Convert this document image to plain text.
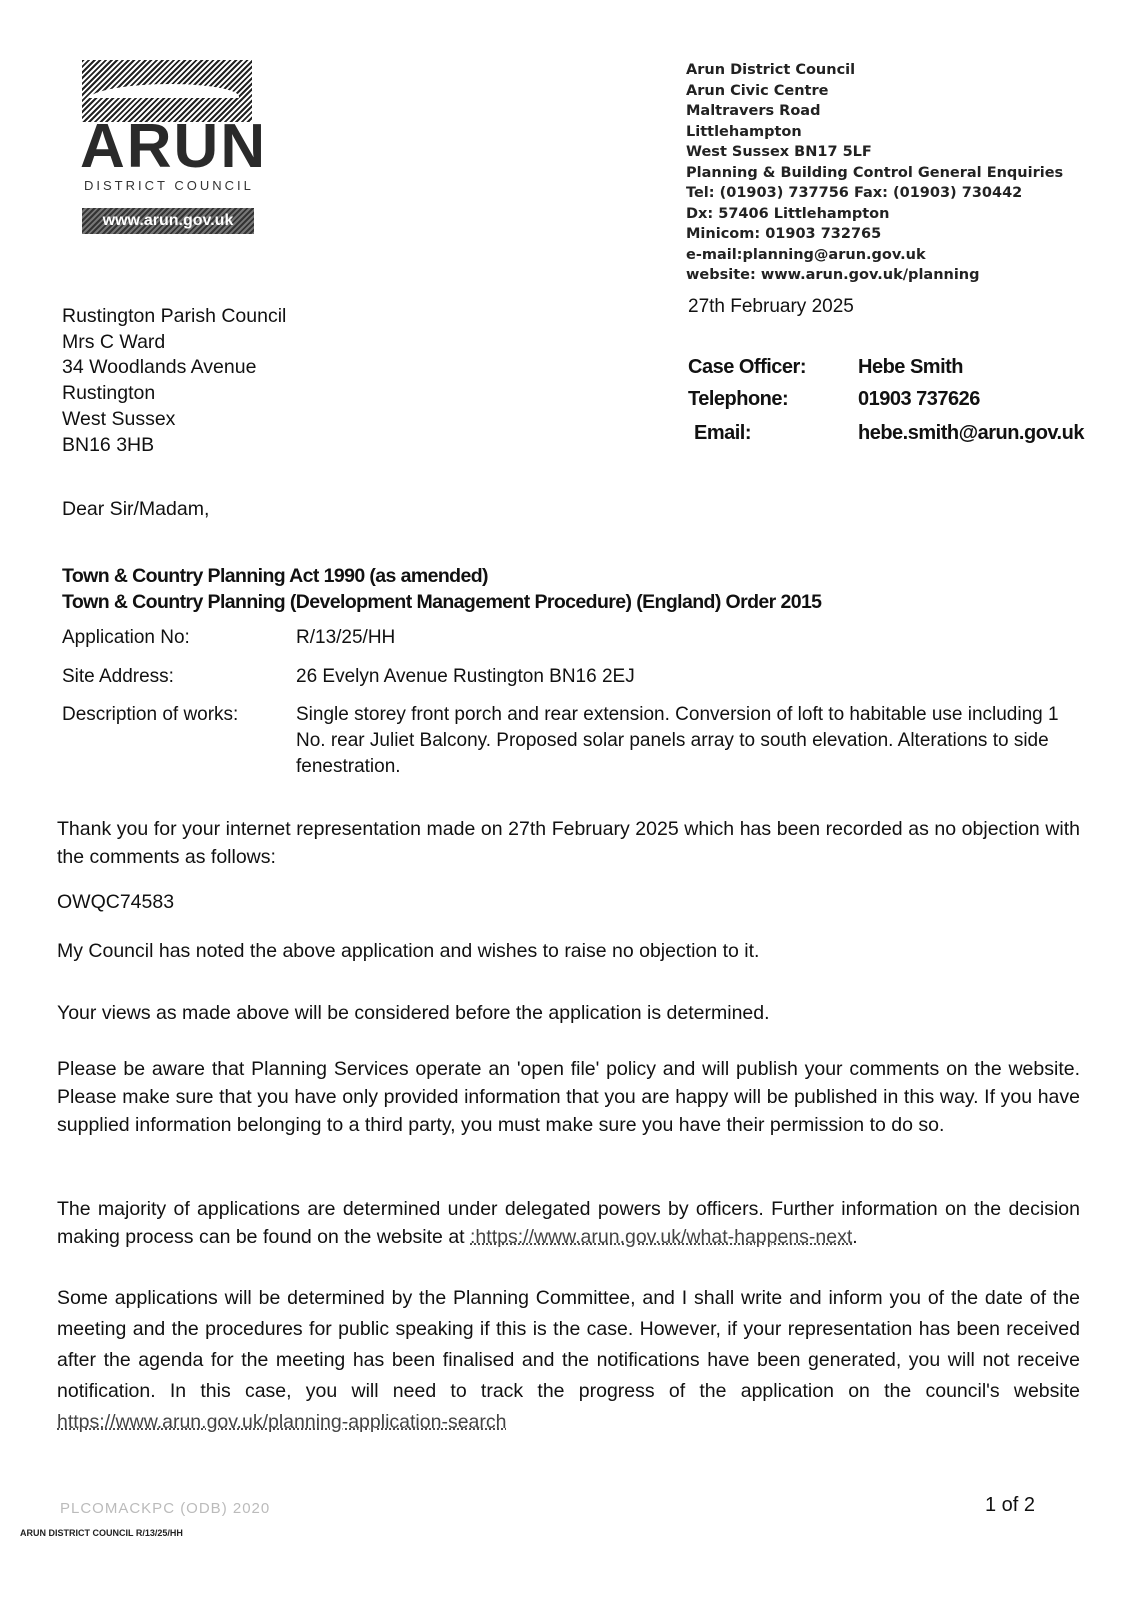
ARUN
DISTRICT COUNCIL
www.arun.gov.uk
Arun District Council
Arun Civic Centre
Maltravers Road
Littlehampton
West Sussex BN17 5LF
Planning & Building Control General Enquiries
Tel: (01903) 737756 Fax: (01903) 730442
Dx: 57406 Littlehampton
Minicom: 01903 732765
e-mail:planning@arun.gov.uk
website: www.arun.gov.uk/planning
27th February 2025
Case Officer:	Hebe Smith
Telephone:	01903 737626
Email:	hebe.smith@arun.gov.uk
Rustington Parish Council
Mrs C Ward
34 Woodlands Avenue
Rustington
West Sussex
BN16 3HB
Dear Sir/Madam,
Town & Country Planning Act 1990 (as amended)
Town & Country Planning (Development Management Procedure) (England) Order 2015
Application No:	R/13/25/HH
Site Address:	26 Evelyn Avenue Rustington BN16 2EJ
Description of works:	Single storey front porch and rear extension. Conversion of loft to habitable use including 1 No. rear Juliet Balcony. Proposed solar panels array to south elevation. Alterations to side fenestration.
Thank you for your internet representation made on 27th February 2025 which has been recorded as no objection with the comments as follows:
OWQC74583
My Council has noted the above application and wishes to raise no objection to it.
Your views as made above will be considered before the application is determined.
Please be aware that Planning Services operate an 'open file' policy and will publish your comments on the website. Please make sure that you have only provided information that you are happy will be published in this way. If you have supplied information belonging to a third party, you must make sure you have their permission to do so.
The majority of applications are determined under delegated powers by officers. Further information on the decision making process can be found on the website at :https://www.arun.gov.uk/what-happens-next.
Some applications will be determined by the Planning Committee, and I shall write and inform you of the date of the meeting and the procedures for public speaking if this is the case. However, if your representation has been received after the agenda for the meeting has been finalised and the notifications have been generated, you will not receive notification. In this case, you will need to track the progress of the application on the council's website https://www.arun.gov.uk/planning-application-search
PLCOMACKPC (ODB) 2020
ARUN DISTRICT COUNCIL R/13/25/HH
1 of 2
